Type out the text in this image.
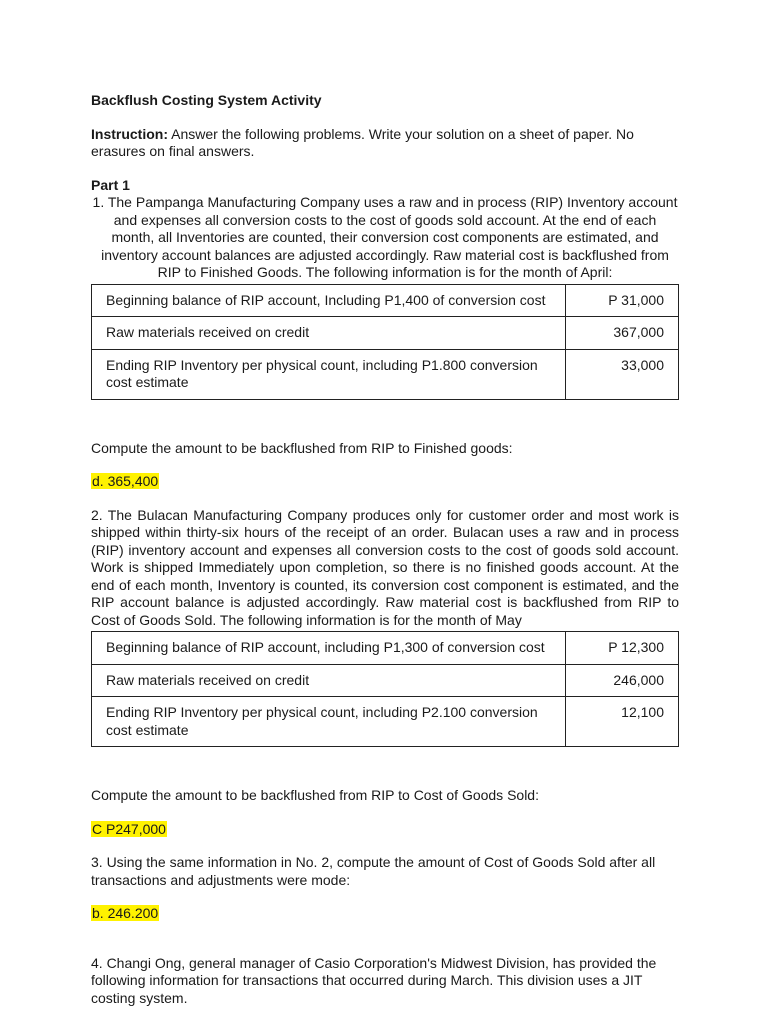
Backflush Costing System Activity

Instruction: Answer the following problems. Write your solution on a sheet of paper. No erasures on final answers.

Part 1

1. The Pampanga Manufacturing Company uses a raw and in process (RIP) Inventory account and expenses all conversion costs to the cost of goods sold account. At the end of each month, all Inventories are counted, their conversion cost components are estimated, and inventory account balances are adjusted accordingly. Raw material cost is backflushed from RIP to Finished Goods. The following information is for the month of April:

Beginning balance of RIP account, Including P1,400 of conversion cost	P 31,000
Raw materials received on credit	367,000
Ending RIP Inventory per physical count, including P1.800 conversion cost estimate	33,000

Compute the amount to be backflushed from RIP to Finished goods:

d. 365,400

2. The Bulacan Manufacturing Company produces only for customer order and most work is shipped within thirty-six hours of the receipt of an order. Bulacan uses a raw and in process (RIP) inventory account and expenses all conversion costs to the cost of goods sold account. Work is shipped Immediately upon completion, so there is no finished goods account. At the end of each month, Inventory is counted, its conversion cost component is estimated, and the RIP account balance is adjusted accordingly. Raw material cost is backflushed from RIP to Cost of Goods Sold. The following information is for the month of May

Beginning balance of RIP account, including P1,300 of conversion cost	P 12,300
Raw materials received on credit	246,000
Ending RIP Inventory per physical count, including P2.100 conversion cost estimate	12,100

Compute the amount to be backflushed from RIP to Cost of Goods Sold:

C P247,000

3. Using the same information in No. 2, compute the amount of Cost of Goods Sold after all transactions and adjustments were mode:

b. 246.200

4. Changi Ong, general manager of Casio Corporation's Midwest Division, has provided the following information for transactions that occurred during March. This division uses a JIT costing system.
